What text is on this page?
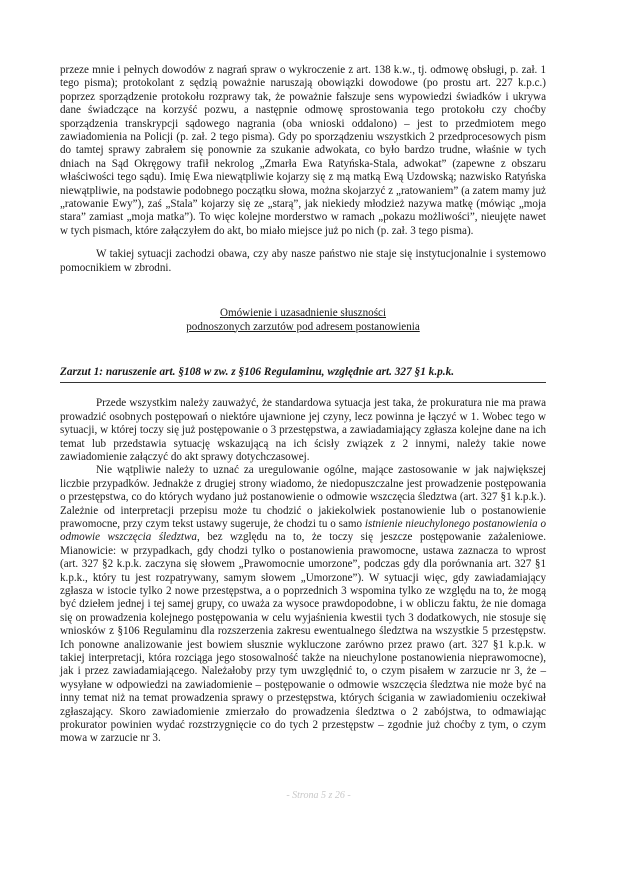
przeze mnie i pełnych dowodów z nagrań spraw o wykroczenie z art. 138 k.w., tj. odmowę obsługi, p. zał. 1 tego pisma); protokolant z sędzią poważnie naruszają obowiązki dowodowe (po prostu art. 227 k.p.c.) poprzez sporządzenie protokołu rozprawy tak, że poważnie fałszuje sens wypowiedzi świadków i ukrywa dane świadczące na korzyść pozwu, a następnie odmowę sprostowania tego protokołu czy choćby sporządzenia transkrypcji sądowego nagrania (oba wnioski oddalono) – jest to przedmiotem mego zawiadomienia na Policji (p. zał. 2 tego pisma). Gdy po sporządzeniu wszystkich 2 przedprocesowych pism do tamtej sprawy zabrałem się ponownie za szukanie adwokata, co było bardzo trudne, właśnie w tych dniach na Sąd Okręgowy trafił nekrolog „Zmarła Ewa Ratyńska-Stala, adwokat” (zapewne z obszaru właściwości tego sądu). Imię Ewa niewątpliwie kojarzy się z mą matką Ewą Uzdowską; nazwisko Ratyńska niewątpliwie, na podstawie podobnego początku słowa, można skojarzyć z „ratowaniem” (a zatem mamy już „ratowanie Ewy”), zaś „Stala” kojarzy się ze „starą”, jak niekiedy młodzież nazywa matkę (mówiąc „moja stara” zamiast „moja matka”). To więc kolejne morderstwo w ramach „pokazu możliwości”, nieujęte nawet w tych pismach, które załączyłem do akt, bo miało miejsce już po nich (p. zał. 3 tego pisma).

W takiej sytuacji zachodzi obawa, czy aby nasze państwo nie staje się instytucjonalnie i systemowo pomocnikiem w zbrodni.

Omówienie i uzasadnienie słuszności
podnoszonych zarzutów pod adresem postanowienia
Zarzut 1: naruszenie art. §108 w zw. z §106 Regulaminu, względnie art. 327 §1 k.p.k.

Przede wszystkim należy zauważyć, że standardowa sytuacja jest taka, że prokuratura nie ma prawa prowadzić osobnych postępowań o niektóre ujawnione jej czyny, lecz powinna je łączyć w 1. Wobec tego w sytuacji, w której toczy się już postępowanie o 3 przestępstwa, a zawiadamiający zgłasza kolejne dane na ich temat lub przedstawia sytuację wskazującą na ich ścisły związek z 2 innymi, należy takie nowe zawiadomienie załączyć do akt sprawy dotychczasowej.

Nie wątpliwie należy to uznać za uregulowanie ogólne, mające zastosowanie w jak największej liczbie przypadków. Jednakże z drugiej strony wiadomo, że niedopuszczalne jest prowadzenie postępowania o przestępstwa, co do których wydano już postanowienie o odmowie wszczęcia śledztwa (art. 327 §1 k.p.k.). Zależnie od interpretacji przepisu może tu chodzić o jakiekolwiek postanowienie lub o postanowienie prawomocne, przy czym tekst ustawy sugeruje, że chodzi tu o samo istnienie nieuchylonego postanowienia o odmowie wszczęcia śledztwa, bez względu na to, że toczy się jeszcze postępowanie zażaleniowe. Mianowicie: w przypadkach, gdy chodzi tylko o postanowienia prawomocne, ustawa zaznacza to wprost (art. 327 §2 k.p.k. zaczyna się słowem „Prawomocnie umorzone”, podczas gdy dla porównania art. 327 §1 k.p.k., który tu jest rozpatrywany, samym słowem „Umorzone”). W sytuacji więc, gdy zawiadamiający zgłasza w istocie tylko 2 nowe przestępstwa, a o poprzednich 3 wspomina tylko ze względu na to, że mogą być dziełem jednej i tej samej grupy, co uważa za wysoce prawdopodobne, i w obliczu faktu, że nie domaga się on prowadzenia kolejnego postępowania w celu wyjaśnienia kwestii tych 3 dodatkowych, nie stosuje się wniosków z §106 Regulaminu dla rozszerzenia zakresu ewentualnego śledztwa na wszystkie 5 przestępstw. Ich ponowne analizowanie jest bowiem słusznie wykluczone zarówno przez prawo (art. 327 §1 k.p.k. w takiej interpretacji, która rozciąga jego stosowalność także na nieuchylone postanowienia nieprawomocne), jak i przez zawiadamiającego. Należałoby przy tym uwzględnić to, o czym pisałem w zarzucie nr 3, że – wysyłane w odpowiedzi na zawiadomienie – postępowanie o odmowie wszczęcia śledztwa nie może być na inny temat niż na temat prowadzenia sprawy o przestępstwa, których ścigania w zawiadomieniu oczekiwał zgłaszający. Skoro zawiadomienie zmierzało do prowadzenia śledztwa o 2 zabójstwa, to odmawiając prokurator powinien wydać rozstrzygnięcie co do tych 2 przestępstw – zgodnie już choćby z tym, o czym mowa w zarzucie nr 3.

- Strona 5 z 26 -
